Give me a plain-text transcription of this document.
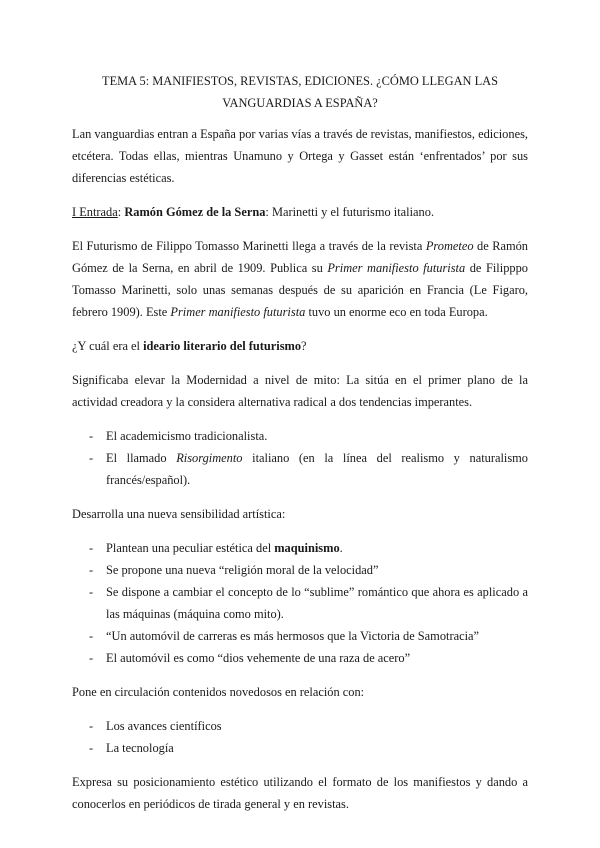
TEMA 5: MANIFIESTOS, REVISTAS, EDICIONES. ¿CÓMO LLEGAN LAS
VANGUARDIAS A ESPAÑA?

Lan vanguardias entran a España por varias vías a través de revistas, manifiestos, ediciones, etcétera. Todas ellas, mientras Unamuno y Ortega y Gasset están ‘enfrentados’ por sus diferencias estéticas.

I Entrada: Ramón Gómez de la Serna: Marinetti y el futurismo italiano.

El Futurismo de Filippo Tomasso Marinetti llega a través de la revista Prometeo de Ramón Gómez de la Serna, en abril de 1909. Publica su Primer manifiesto futurista de Filipppo Tomasso Marinetti, solo unas semanas después de su aparición en Francia (Le Figaro, febrero 1909). Este Primer manifiesto futurista tuvo un enorme eco en toda Europa.

¿Y cuál era el ideario literario del futurismo?

Significaba elevar la Modernidad a nivel de mito: La sitúa en el primer plano de la actividad creadora y la considera alternativa radical a dos tendencias imperantes.

- El academicismo tradicionalista.
- El llamado Risorgimento italiano (en la línea del realismo y naturalismo francés/español).

Desarrolla una nueva sensibilidad artística:

- Plantean una peculiar estética del maquinismo.
- Se propone una nueva “religión moral de la velocidad”
- Se dispone a cambiar el concepto de lo “sublime” romántico que ahora es aplicado a las máquinas (máquina como mito).
- “Un automóvil de carreras es más hermosos que la Victoria de Samotracia”
- El automóvil es como “dios vehemente de una raza de acero”

Pone en circulación contenidos novedosos en relación con:

- Los avances científicos
- La tecnología

Expresa su posicionamiento estético utilizando el formato de los manifiestos y dando a conocerlos en periódicos de tirada general y en revistas.
